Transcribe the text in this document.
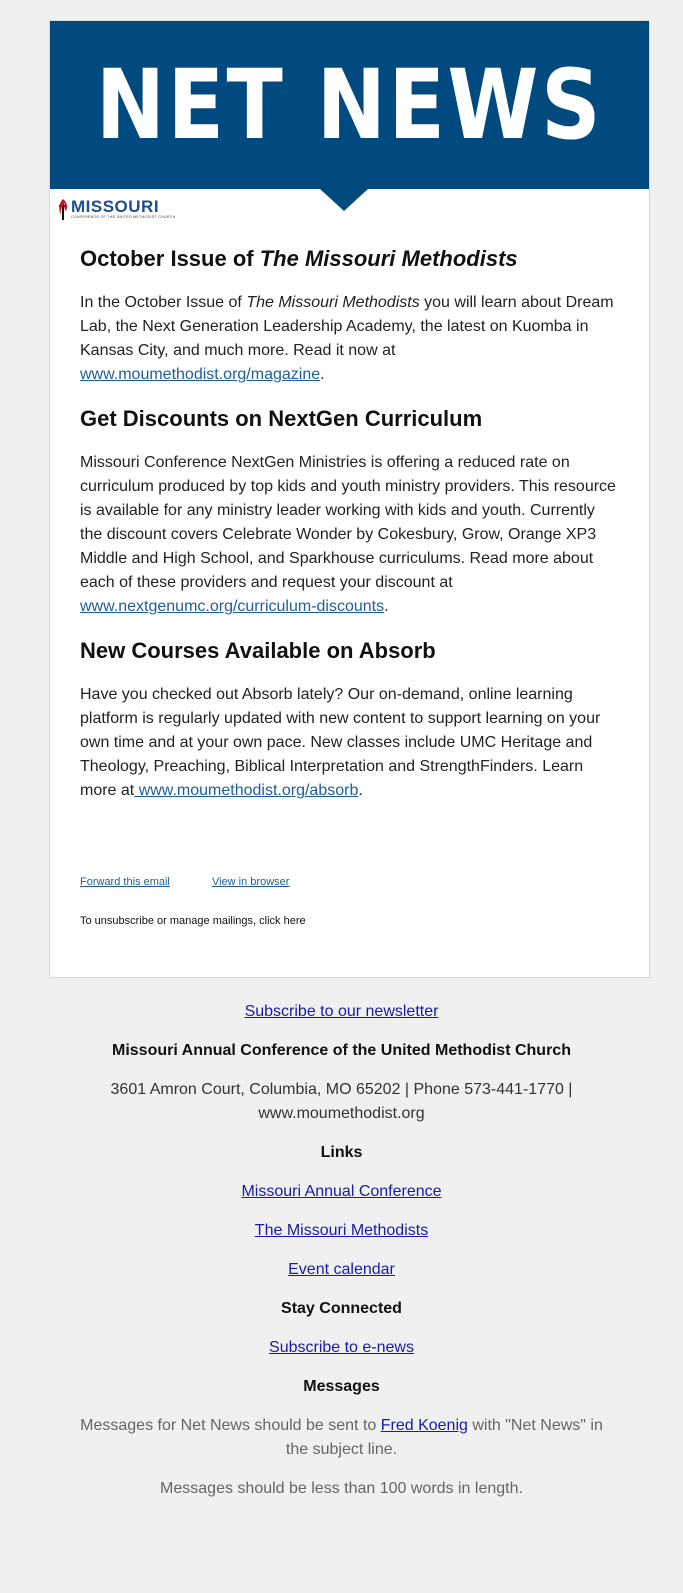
NET NEWS
MISSOURI
CONFERENCE OF THE UNITED METHODIST CHURCH
October Issue of The Missouri Methodists

In the October Issue of The Missouri Methodists you will learn about Dream Lab, the Next Generation Leadership Academy, the latest on Kuomba in Kansas City, and much more. Read it now at www.moumethodist.org/magazine.

Get Discounts on NextGen Curriculum

Missouri Conference NextGen Ministries is offering a reduced rate on curriculum produced by top kids and youth ministry providers. This resource is available for any ministry leader working with kids and youth. Currently the discount covers Celebrate Wonder by Cokesbury, Grow, Orange XP3 Middle and High School, and Sparkhouse curriculums. Read more about each of these providers and request your discount at www.nextgenumc.org/curriculum-discounts.

New Courses Available on Absorb

Have you checked out Absorb lately? Our on-demand, online learning platform is regularly updated with new content to support learning on your own time and at your own pace. New classes include UMC Heritage and Theology, Preaching, Biblical Interpretation and StrengthFinders. Learn more at www.moumethodist.org/absorb.

Forward this email	View in browser
To unsubscribe or manage mailings, click here
Subscribe to our newsletter
Missouri Annual Conference of the United Methodist Church
3601 Amron Court, Columbia, MO 65202 | Phone 573-441-1770 | www.moumethodist.org
Links
Missouri Annual Conference
The Missouri Methodists
Event calendar
Stay Connected
Subscribe to e-news
Messages
Messages for Net News should be sent to Fred Koenig with "Net News" in the subject line.
Messages should be less than 100 words in length.
